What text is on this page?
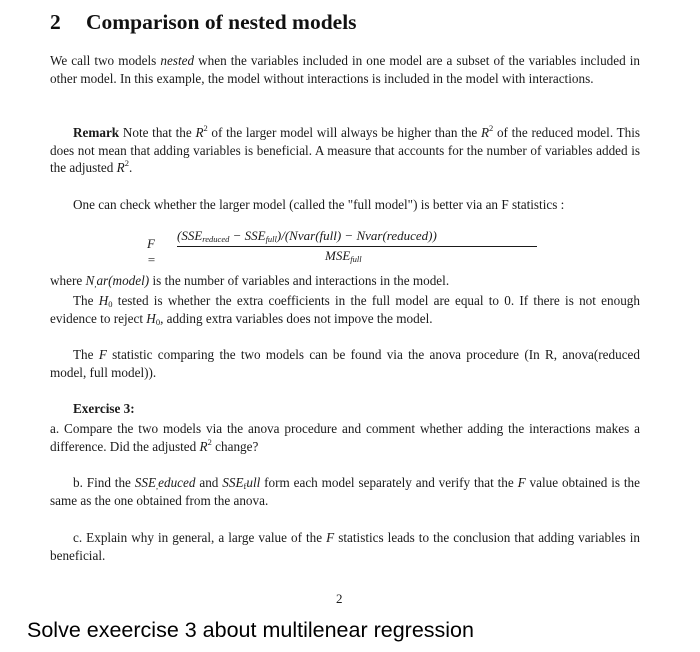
2 Comparison of nested models
We call two models nested when the variables included in one model are a subset of the variables included in other model. In this example, the model without interactions is included in the model with interactions.
Remark Note that the $R^2$ of the larger model will always be higher than the $R^2$ of the reduced model. This does not mean that adding variables is beneficial. A measure that accounts for the number of variables added is the adjusted $R^2$.
One can check whether the larger model (called the "full model") is better via an F statistics :
F =
($SSE_{reduced}$ − $SSE_{full})/(Nvar(full)$ − Nvar(reduced))
$MSE_{full}$
where $N_,ar(model)$ is the number of variables and interactions in the model.
The $H_0$ tested is whether the extra coefficients in the full model are equal to 0. If there is not enough evidence to reject $H_0$, adding extra variables does not impove the model.
The F statistic comparing the two models can be found via the anova procedure (In R, anova(reduced model, full model)).
Exercise 3:
a. Compare the two models via the anova procedure and comment whether adding the interactions makes a difference. Did the adjusted $R^2$ change?
b. Find the $SSE_,educed$ and $SSE_full$ form each model separately and verify that the F value obtained is the same as the one obtained from the anova.
c. Explain why in general, a large value of the F statistics leads to the conclusion that adding variables in beneficial.
2
Solve exeercise 3 about multilenear regression
